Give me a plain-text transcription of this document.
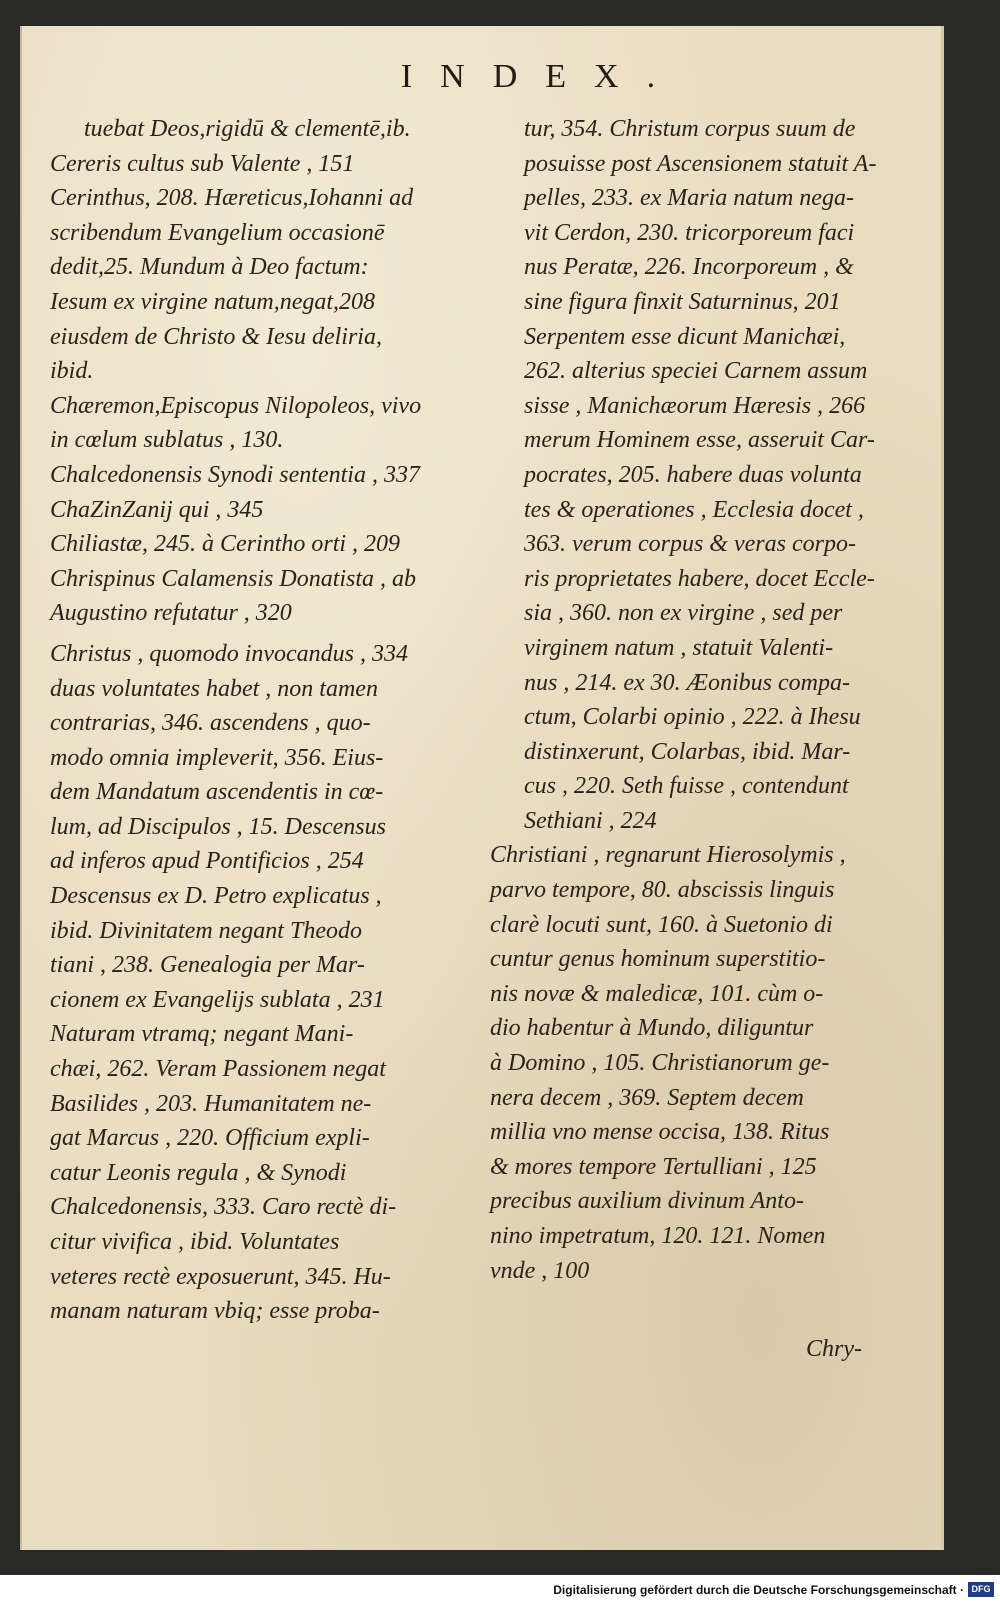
INDEX.
tuebat Deos,rigidū & clementē,ib.
Cereris cultus sub Valente , 151
Cerinthus, 208. Hæreticus,Iohanni ad
scribendum Evangelium occasionē
dedit,25. Mundum à Deo factum:
Iesum ex virgine natum,negat,208
eiusdem de Christo & Iesu deliria,
ibid.
Chæremon,Episcopus Nilopoleos, vivo
in cœlum sublatus , 130.
Chalcedonensis Synodi sententia , 337
ChaZinZanij qui , 345
Chiliastæ, 245. à Cerintho orti , 209
Chrispinus Calamensis Donatista , ab
Augustino refutatur , 320
Christus , quomodo invocandus , 334
duas voluntates habet , non tamen
contrarias, 346. ascendens , quo-
modo omnia impleverit, 356. Eius-
dem Mandatum ascendentis in cœ-
lum, ad Discipulos , 15. Descensus
ad inferos apud Pontificios , 254
Descensus ex D. Petro explicatus ,
ibid. Divinitatem negant Theodo
tiani , 238. Genealogia per Mar-
cionem ex Evangelijs sublata , 231
Naturam vtramq; negant Mani-
chæi, 262. Veram Passionem negat
Basilides , 203. Humanitatem ne-
gat Marcus , 220. Officium expli-
catur Leonis regula , & Synodi
Chalcedonensis, 333. Caro rectè di-
citur vivifica , ibid. Voluntates
veteres rectè exposuerunt, 345. Hu-
manam naturam vbiq; esse proba-
tur, 354. Christum corpus suum de
posuisse post Ascensionem statuit A-
pelles, 233. ex Maria natum nega-
vit Cerdon, 230. tricorporeum faci
nus Peratæ, 226. Incorporeum , &
sine figura finxit Saturninus, 201
Serpentem esse dicunt Manichæi,
262. alterius speciei Carnem assum
sisse , Manichæorum Hæresis , 266
merum Hominem esse, asseruit Car-
pocrates, 205. habere duas volunta
tes & operationes , Ecclesia docet ,
363. verum corpus & veras corpo-
ris proprietates habere, docet Eccle-
sia , 360. non ex virgine , sed per
virginem natum , statuit Valenti-
nus , 214. ex 30. Æonibus compa-
ctum, Colarbi opinio , 222. à Ihesu
distinxerunt, Colarbas, ibid. Mar-
cus , 220. Seth fuisse , contendunt
Sethiani , 224
Christiani , regnarunt Hierosolymis ,
parvo tempore, 80. abscissis linguis
clarè locuti sunt, 160. à Suetonio di
cuntur genus hominum superstitio-
nis novæ & maledicæ, 101. cùm o-
dio habentur à Mundo, diliguntur
à Domino , 105. Christianorum ge-
nera decem , 369. Septem decem
millia vno mense occisa, 138. Ritus
& mores tempore Tertulliani , 125
precibus auxilium divinum Anto-
nino impetratum, 120. 121. Nomen
vnde , 100
Chry-
Digitalisierung gefördert durch die Deutsche Forschungsgemeinschaft · DFG
